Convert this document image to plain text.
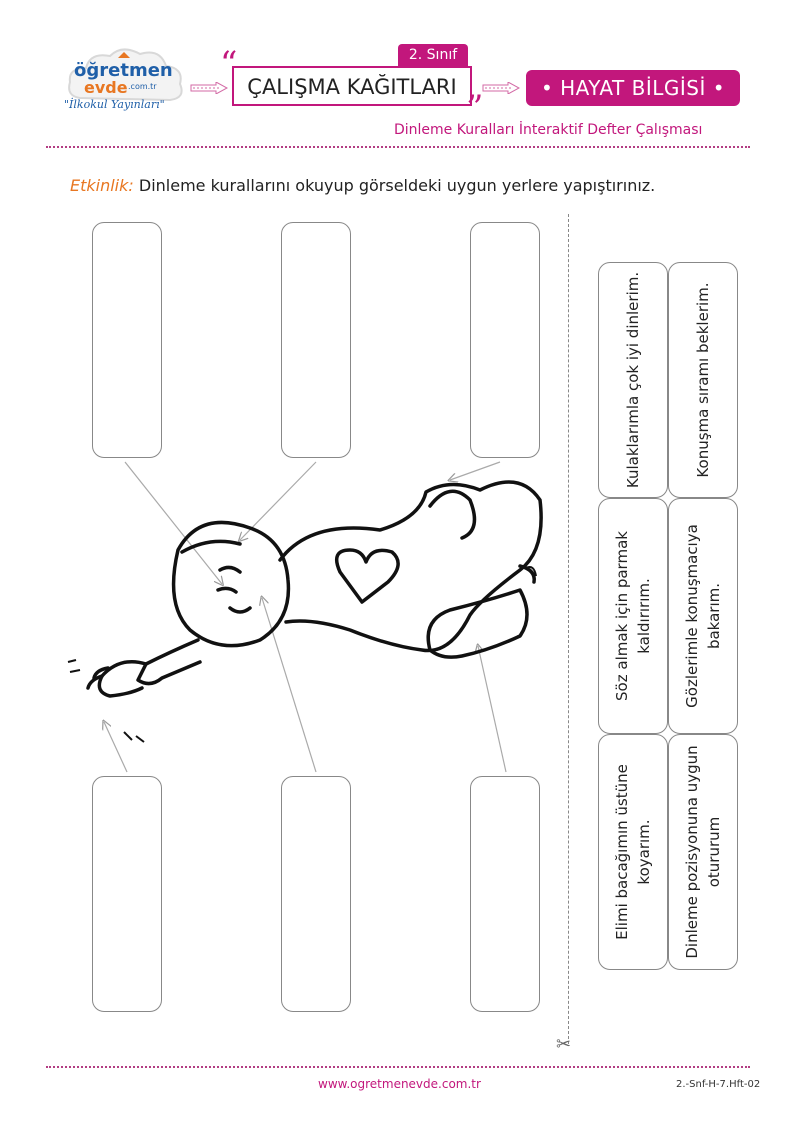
öğretmen
evde .com.tr
"İlkokul Yayınları"
2. Sınıf
“
ÇALIŞMA KAĞITLARI
”	• HAYAT BİLGİSİ •
Dinleme Kuralları İnteraktif Defter Çalışması
Etkinlik: Dinleme kurallarını okuyup görseldeki uygun yerlere yapıştırınız.
✂
Kulaklarımla çok iyi dinlerim.	Konuşma sıramı beklerim.
Söz almak için parmak kaldırırım. Gözlerimle konuşmacıya bakarım.
Elimi bacağımın üstüne koyarım. Dinleme pozisyonuna uygun otururum
www.ogretmenevde.com.tr	2.-Snf-H-7.Hft-02
